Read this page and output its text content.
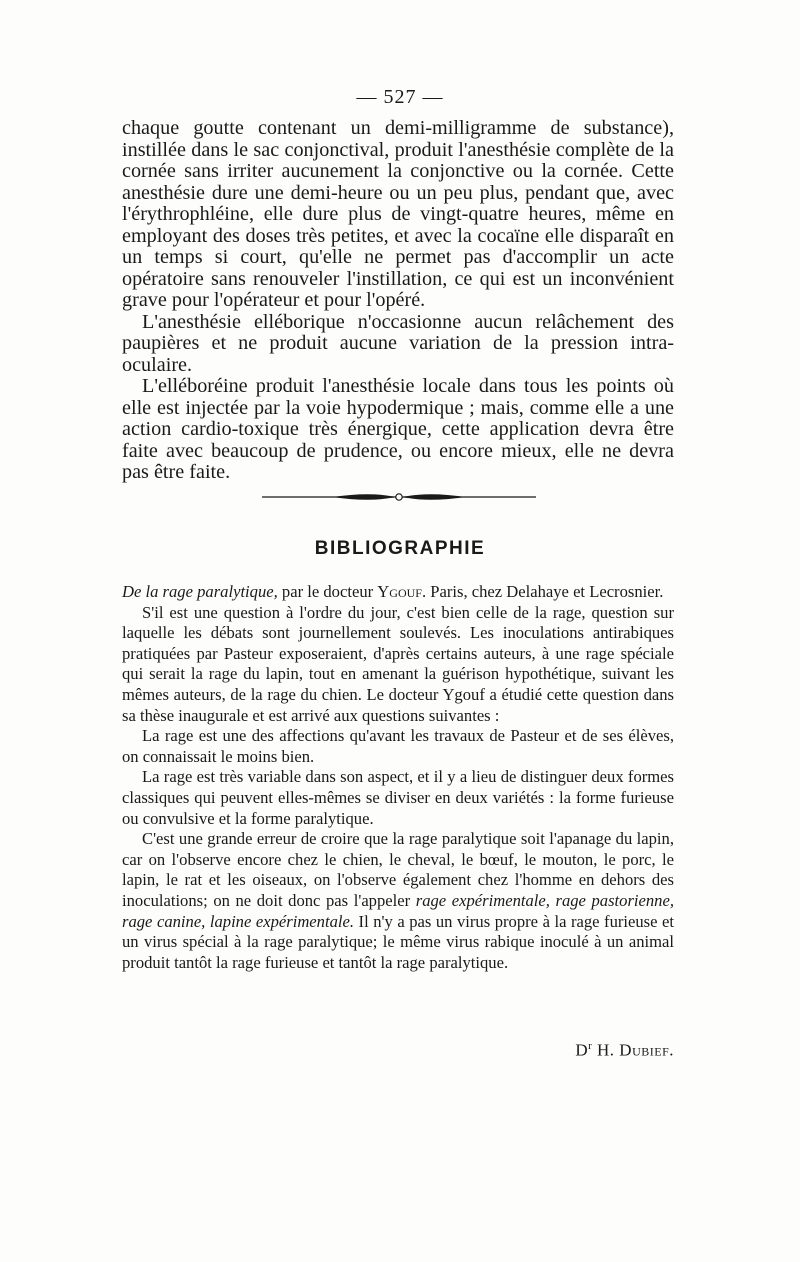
— 527 —

chaque goutte contenant un demi-milligramme de substance), instillée dans le sac conjonctival, produit l'anesthésie complète de la cornée sans irriter aucunement la conjonctive ou la cornée. Cette anesthésie dure une demi-heure ou un peu plus, pendant que, avec l'érythrophléine, elle dure plus de vingt-quatre heures, même en employant des doses très petites, et avec la cocaïne elle disparaît en un temps si court, qu'elle ne permet pas d'accomplir un acte opératoire sans renouveler l'instillation, ce qui est un inconvénient grave pour l'opérateur et pour l'opéré.

L'anesthésie elléborique n'occasionne aucun relâchement des paupières et ne produit aucune variation de la pression intra-oculaire.

L'elléboréine produit l'anesthésie locale dans tous les points où elle est injectée par la voie hypodermique ; mais, comme elle a une action cardio-toxique très énergique, cette application devra être faite avec beaucoup de prudence, ou encore mieux, elle ne devra pas être faite.

BIBLIOGRAPHIE

De la rage paralytique, par le docteur Ygouf. Paris, chez Delahaye et Lecrosnier.

S'il est une question à l'ordre du jour, c'est bien celle de la rage, question sur laquelle les débats sont journellement soulevés. Les inoculations antirabiques pratiquées par Pasteur exposeraient, d'après certains auteurs, à une rage spéciale qui serait la rage du lapin, tout en amenant la guérison hypothétique, suivant les mêmes auteurs, de la rage du chien. Le docteur Ygouf a étudié cette question dans sa thèse inaugurale et est arrivé aux questions suivantes :

La rage est une des affections qu'avant les travaux de Pasteur et de ses élèves, on connaissait le moins bien.

La rage est très variable dans son aspect, et il y a lieu de distinguer deux formes classiques qui peuvent elles-mêmes se diviser en deux variétés : la forme furieuse ou convulsive et la forme paralytique.

C'est une grande erreur de croire que la rage paralytique soit l'apanage du lapin, car on l'observe encore chez le chien, le cheval, le bœuf, le mouton, le porc, le lapin, le rat et les oiseaux, on l'observe également chez l'homme en dehors des inoculations; on ne doit donc pas l'appeler rage expérimentale, rage pastorienne, rage canine, lapine expérimentale. Il n'y a pas un virus propre à la rage furieuse et un virus spécial à la rage paralytique; le même virus rabique inoculé à un animal produit tantôt la rage furieuse et tantôt la rage paralytique.

$D^r$ H. Dubief.
